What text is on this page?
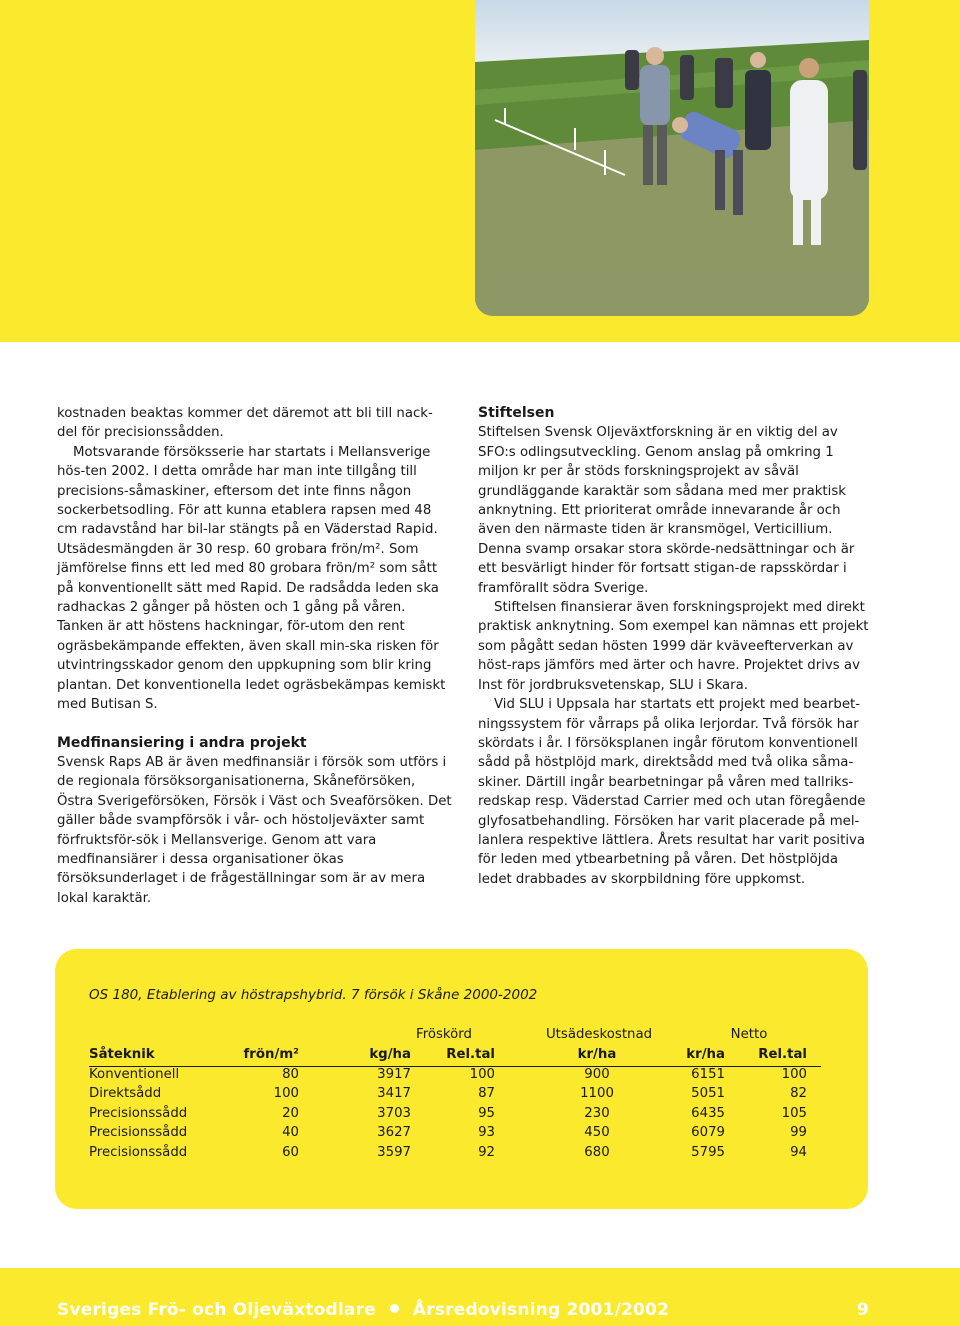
kostnaden beaktas kommer det däremot att bli till nack-del för precisionssådden.

Motsvarande försöksserie har startats i Mellansverige hös-ten 2002. I detta område har man inte tillgång till precisions-såmaskiner, eftersom det inte finns någon sockerbetsodling. För att kunna etablera rapsen med 48 cm radavstånd har bil-lar stängts på en Väderstad Rapid. Utsädesmängden är 30 resp. 60 grobara frön/m². Som jämförelse finns ett led med 80 grobara frön/m² som sått på konventionellt sätt med Rapid. De radsådda leden ska radhackas 2 gånger på hösten och 1 gång på våren. Tanken är att höstens hackningar, för-utom den rent ogräsbekämpande effekten, även skall min-ska risken för utvintringsskador genom den uppkupning som blir kring plantan. Det konventionella ledet ogräsbekämpas kemiskt med Butisan S.

Medfinansiering i andra projekt

Svensk Raps AB är även medfinansiär i försök som utförs i de regionala försöksorganisationerna, Skåneförsöken, Östra Sverigeförsöken, Försök i Väst och Sveaförsöken. Det gäller både svampförsök i vår- och höstoljeväxter samt förfruktsför-sök i Mellansverige. Genom att vara medfinansiärer i dessa organisationer ökas försöksunderlaget i de frågeställningar som är av mera lokal karaktär.

Stiftelsen

Stiftelsen Svensk Oljeväxtforskning är en viktig del av SFO:s odlingsutveckling. Genom anslag på omkring 1 miljon kr per år stöds forskningsprojekt av såväl grundläggande karaktär som sådana med mer praktisk anknytning. Ett prioriterat område innevarande år och även den närmaste tiden är kransmögel, Verticillium. Denna svamp orsakar stora skörde-nedsättningar och är ett besvärligt hinder för fortsatt stigan-de rapsskördar i framförallt södra Sverige.

Stiftelsen finansierar även forskningsprojekt med direkt praktisk anknytning. Som exempel kan nämnas ett projekt som pågått sedan hösten 1999 där kväveefterverkan av höst-raps jämförs med ärter och havre. Projektet drivs av Inst för jordbruksvetenskap, SLU i Skara.

Vid SLU i Uppsala har startats ett projekt med bearbet-ningssystem för vårraps på olika lerjordar. Två försök har skördats i år. I försöksplanen ingår förutom konventionell sådd på höstplöjd mark, direktsådd med två olika såma-skiner. Därtill ingår bearbetningar på våren med tallriks-redskap resp. Väderstad Carrier med och utan föregående glyfosatbehandling. Försöken har varit placerade på mel-lanlera respektive lättlera. Årets resultat har varit positiva för leden med ytbearbetning på våren. Det höstplöjda ledet drabbades av skorpbildning före uppkomst.

OS 180, Etablering av höstrapshybrid. 7 försök i Skåne 2000-2002
Fröskörd	Utsädeskostnad	Netto
Såteknik	frön/m²	kg/ha	Rel.tal	kr/ha	kr/ha	Rel.tal
Konventionell	80	3917	100	900	6151	100
Direktsådd	100	3417	87	1100	5051	82
Precisionssådd	20	3703	95	230	6435	105
Precisionssådd	40	3627	93	450	6079	99
Precisionssådd	60	3597	92	680	5795	94
Sveriges Frö- och Oljeväxtodlare Årsredovisning 2001/2002	9
